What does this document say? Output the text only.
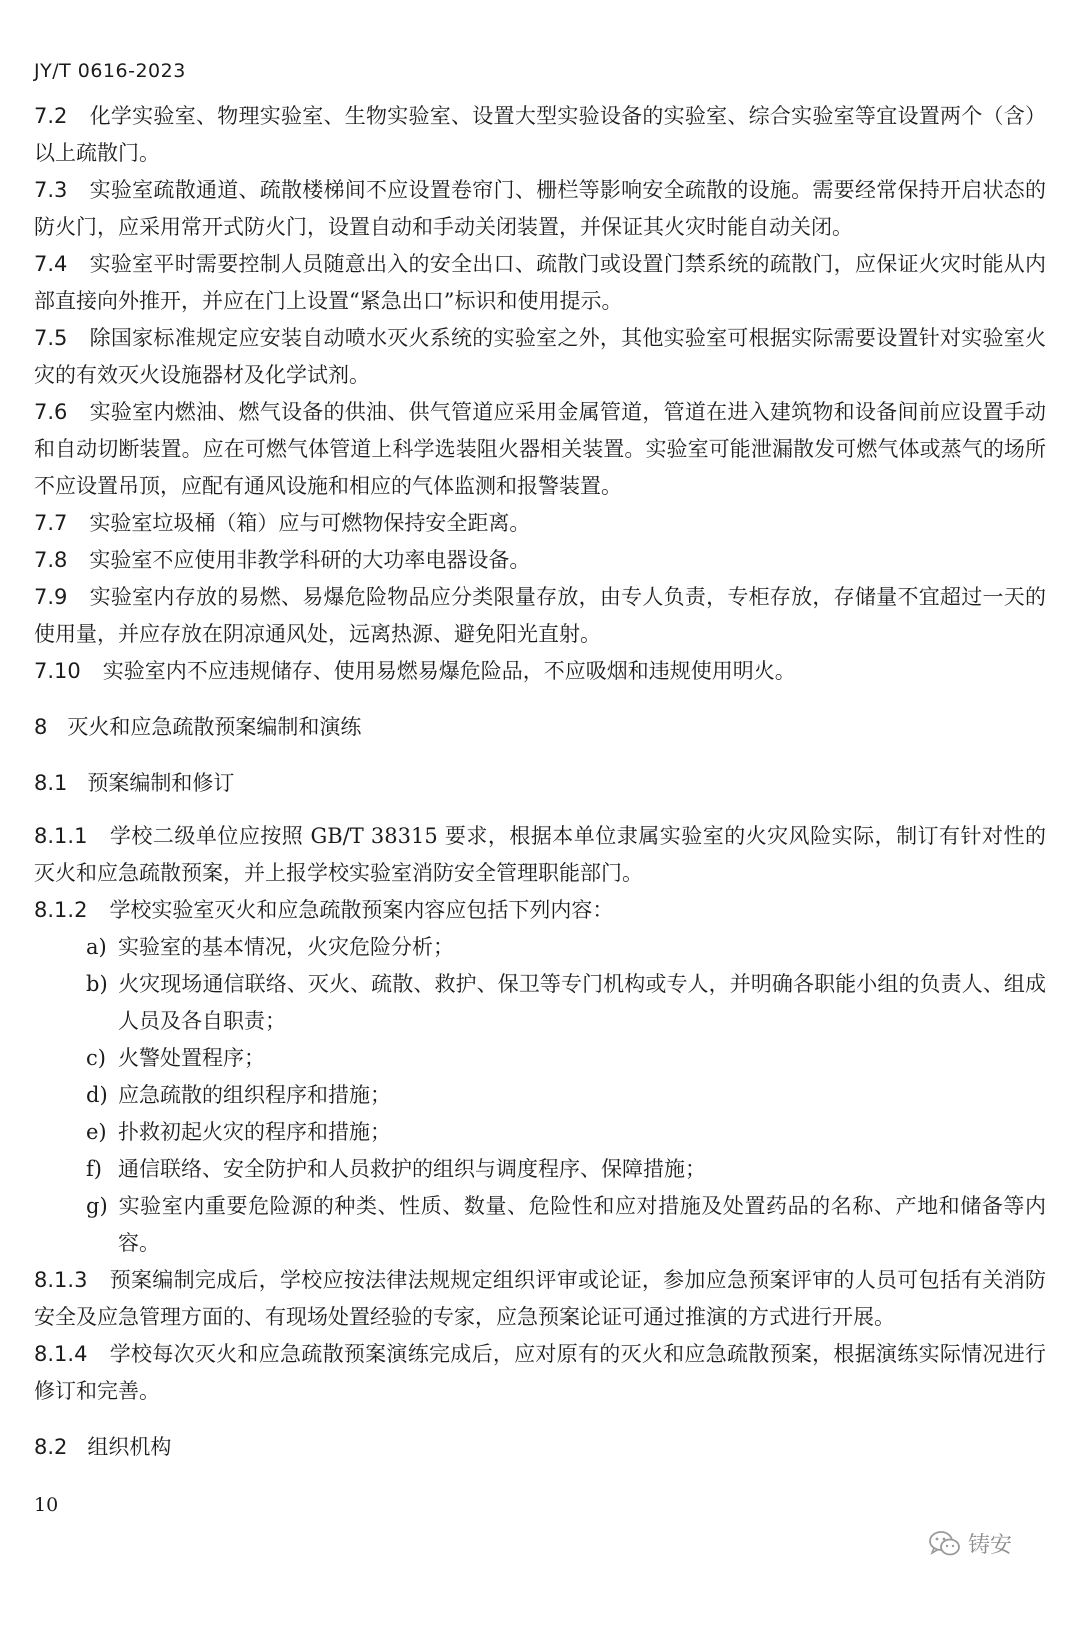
JY/T 0616-2023

7.2 化学实验室、物理实验室、生物实验室、设置大型实验设备的实验室、综合实验室等宜设置两个（含）以上疏散门。

7.3 实验室疏散通道、疏散楼梯间不应设置卷帘门、栅栏等影响安全疏散的设施。需要经常保持开启状态的防火门，应采用常开式防火门，设置自动和手动关闭装置，并保证其火灾时能自动关闭。

7.4 实验室平时需要控制人员随意出入的安全出口、疏散门或设置门禁系统的疏散门，应保证火灾时能从内部直接向外推开，并应在门上设置“紧急出口”标识和使用提示。

7.5 除国家标准规定应安装自动喷水灭火系统的实验室之外，其他实验室可根据实际需要设置针对实验室火灾的有效灭火设施器材及化学试剂。

7.6 实验室内燃油、燃气设备的供油、供气管道应采用金属管道，管道在进入建筑物和设备间前应设置手动和自动切断装置。应在可燃气体管道上科学选装阻火器相关装置。实验室可能泄漏散发可燃气体或蒸气的场所不应设置吊顶，应配有通风设施和相应的气体监测和报警装置。

7.7 实验室垃圾桶（箱）应与可燃物保持安全距离。

7.8 实验室不应使用非教学科研的大功率电器设备。

7.9 实验室内存放的易燃、易爆危险物品应分类限量存放，由专人负责，专柜存放，存储量不宜超过一天的使用量，并应存放在阴凉通风处，远离热源、避免阳光直射。

7.10 实验室内不应违规储存、使用易燃易爆危险品，不应吸烟和违规使用明火。

8 灭火和应急疏散预案编制和演练

8.1 预案编制和修订

8.1.1 学校二级单位应按照 GB/T 38315 要求，根据本单位隶属实验室的火灾风险实际，制订有针对性的灭火和应急疏散预案，并上报学校实验室消防安全管理职能部门。

8.1.2 学校实验室灭火和应急疏散预案内容应包括下列内容：

a) 实验室的基本情况，火灾危险分析；

b) 火灾现场通信联络、灭火、疏散、救护、保卫等专门机构或专人，并明确各职能小组的负责人、组成人员及各自职责；

c) 火警处置程序；

d) 应急疏散的组织程序和措施；

e) 扑救初起火灾的程序和措施；

f) 通信联络、安全防护和人员救护的组织与调度程序、保障措施；

g) 实验室内重要危险源的种类、性质、数量、危险性和应对措施及处置药品的名称、产地和储备等内容。

8.1.3 预案编制完成后，学校应按法律法规规定组织评审或论证，参加应急预案评审的人员可包括有关消防安全及应急管理方面的、有现场处置经验的专家，应急预案论证可通过推演的方式进行开展。

8.1.4 学校每次灭火和应急疏散预案演练完成后，应对原有的灭火和应急疏散预案，根据演练实际情况进行修订和完善。

8.2 组织机构

10
铸安
